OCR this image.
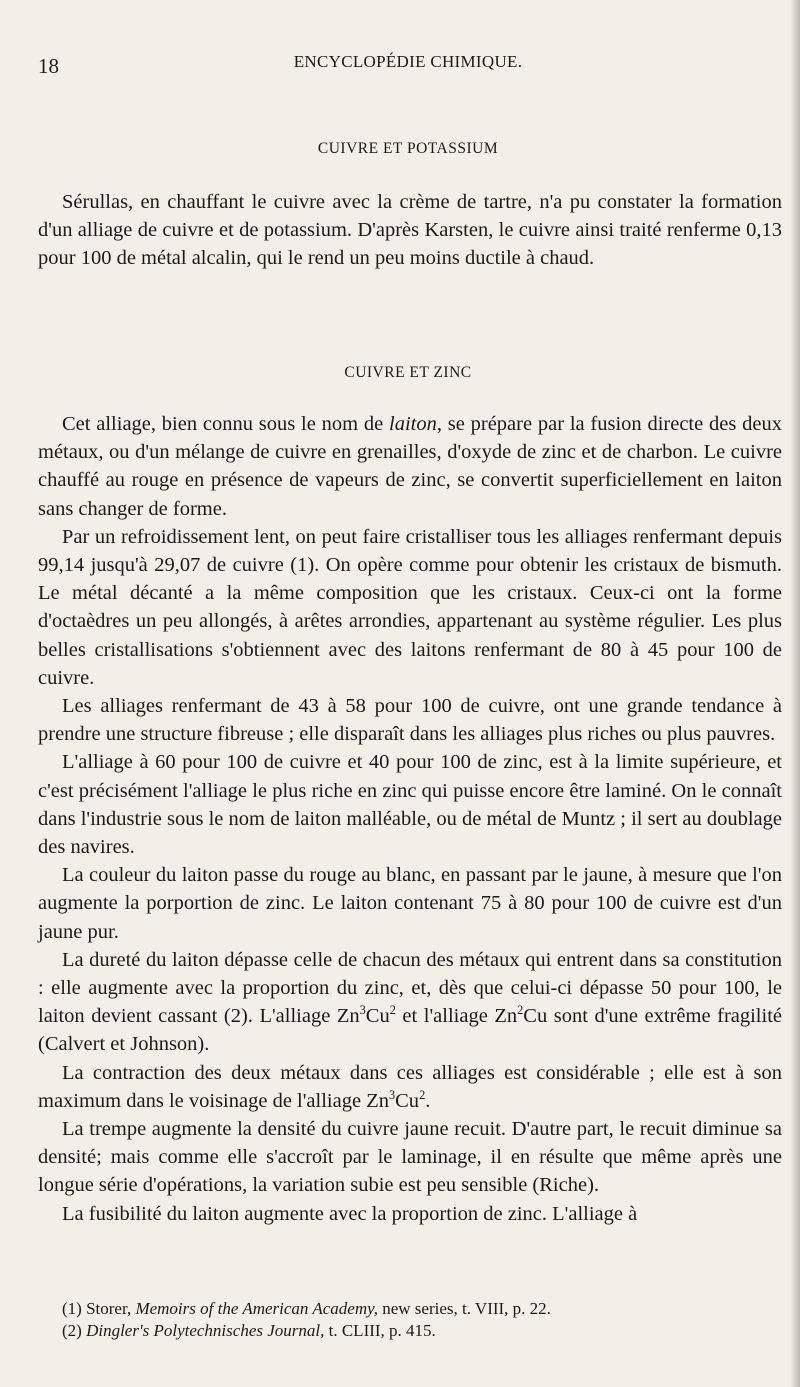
18	ENCYCLOPÉDIE CHIMIQUE.
CUIVRE ET POTASSIUM

Sérullas, en chauffant le cuivre avec la crème de tartre, n'a pu constater la formation d'un alliage de cuivre et de potassium. D'après Karsten, le cuivre ainsi traité renferme 0,13 pour 100 de métal alcalin, qui le rend un peu moins ductile à chaud.

CUIVRE ET ZINC

Cet alliage, bien connu sous le nom de laiton, se prépare par la fusion directe des deux métaux, ou d'un mélange de cuivre en grenailles, d'oxyde de zinc et de charbon. Le cuivre chauffé au rouge en présence de vapeurs de zinc, se convertit superficiellement en laiton sans changer de forme.

Par un refroidissement lent, on peut faire cristalliser tous les alliages renfermant depuis 99,14 jusqu'à 29,07 de cuivre (1). On opère comme pour obtenir les cristaux de bismuth. Le métal décanté a la même composition que les cristaux. Ceux-ci ont la forme d'octaèdres un peu allongés, à arêtes arrondies, appartenant au système régulier. Les plus belles cristallisations s'obtiennent avec des laitons renfermant de 80 à 45 pour 100 de cuivre.

Les alliages renfermant de 43 à 58 pour 100 de cuivre, ont une grande tendance à prendre une structure fibreuse ; elle disparaît dans les alliages plus riches ou plus pauvres.

L'alliage à 60 pour 100 de cuivre et 40 pour 100 de zinc, est à la limite supérieure, et c'est précisément l'alliage le plus riche en zinc qui puisse encore être laminé. On le connaît dans l'industrie sous le nom de laiton malléable, ou de métal de Muntz ; il sert au doublage des navires.

La couleur du laiton passe du rouge au blanc, en passant par le jaune, à mesure que l'on augmente la porportion de zinc. Le laiton contenant 75 à 80 pour 100 de cuivre est d'un jaune pur.

La dureté du laiton dépasse celle de chacun des métaux qui entrent dans sa constitution : elle augmente avec la proportion du zinc, et, dès que celui-ci dépasse 50 pour 100, le laiton devient cassant (2). L'alliage Zn$^3$Cu$^2$ et l'alliage Zn$^2$Cu sont d'une extrême fragilité (Calvert et Johnson).

La contraction des deux métaux dans ces alliages est considérable ; elle est à son maximum dans le voisinage de l'alliage Zn$^3$Cu$^2$.

La trempe augmente la densité du cuivre jaune recuit. D'autre part, le recuit diminue sa densité; mais comme elle s'accroît par le laminage, il en résulte que même après une longue série d'opérations, la variation subie est peu sensible (Riche).

La fusibilité du laiton augmente avec la proportion de zinc. L'alliage à

(1) Storer, Memoirs of the American Academy, new series, t. VIII, p. 22.
(2) Dingler's Polytechnisches Journal, t. CLIII, p. 415.
